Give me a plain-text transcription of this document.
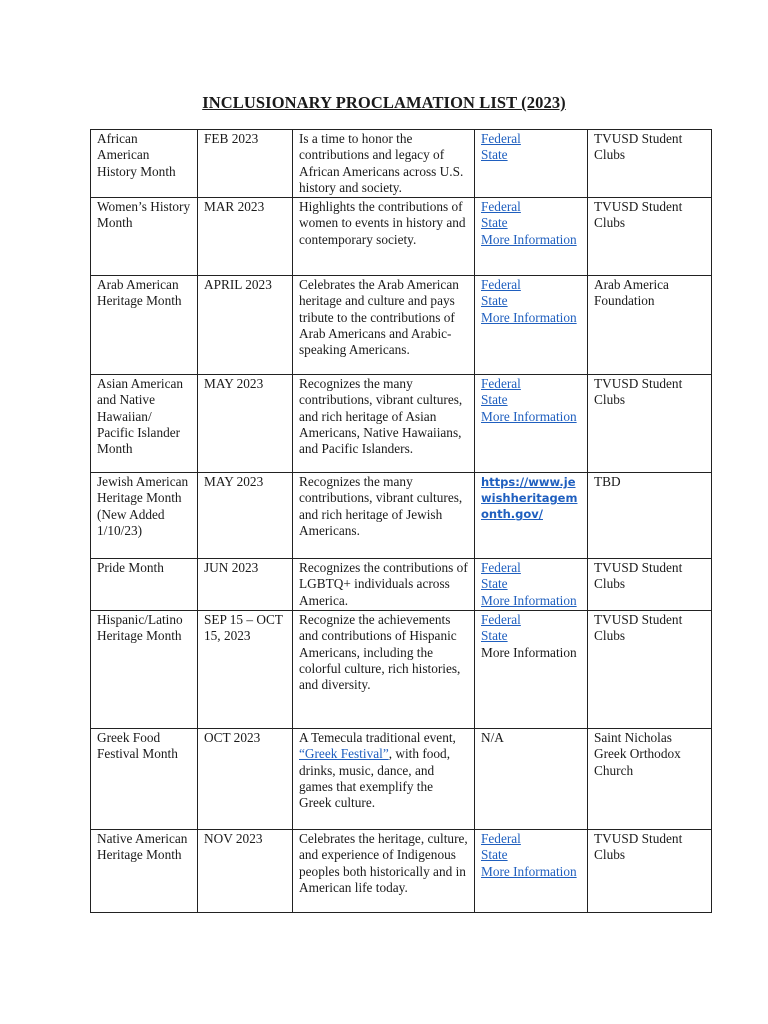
INCLUSIONARY PROCLAMATION LIST (2023)
African American History Month	FEB 2023	Is a time to honor the contributions and legacy of African Americans across U.S. history and society.	Federal
State	TVUSD Student Clubs
Women’s History Month	MAR 2023	Highlights the contributions of women to events in history and contemporary society.	Federal
State
More Information	TVUSD Student Clubs
Arab American Heritage Month	APRIL 2023	Celebrates the Arab American heritage and culture and pays tribute to the contributions of Arab Americans and Arabic-speaking Americans.	Federal
State
More Information	Arab America Foundation
Asian American and Native Hawaiian/ Pacific Islander Month	MAY 2023	Recognizes the many contributions, vibrant cultures, and rich heritage of Asian Americans, Native Hawaiians, and Pacific Islanders.	Federal
State
More Information	TVUSD Student Clubs
Jewish American Heritage Month (New Added 1/10/23)	MAY 2023	Recognizes the many contributions, vibrant cultures, and rich heritage of Jewish Americans.	https://www.jewishheritagemonth.gov/	TBD
Pride Month	JUN 2023	Recognizes the contributions of LGBTQ+ individuals across America.	Federal
State
More Information	TVUSD Student Clubs
Hispanic/Latino Heritage Month	SEP 15 – OCT 15, 2023	Recognize the achievements and contributions of Hispanic Americans, including the colorful culture, rich histories, and diversity.	Federal
State
More Information	TVUSD Student Clubs
Greek Food Festival Month	OCT 2023	A Temecula traditional event, “Greek Festival”, with food, drinks, music, dance, and games that exemplify the Greek culture.	N/A	Saint Nicholas Greek Orthodox Church
Native American Heritage Month	NOV 2023	Celebrates the heritage, culture, and experience of Indigenous peoples both historically and in American life today.	Federal
State
More Information	TVUSD Student Clubs
